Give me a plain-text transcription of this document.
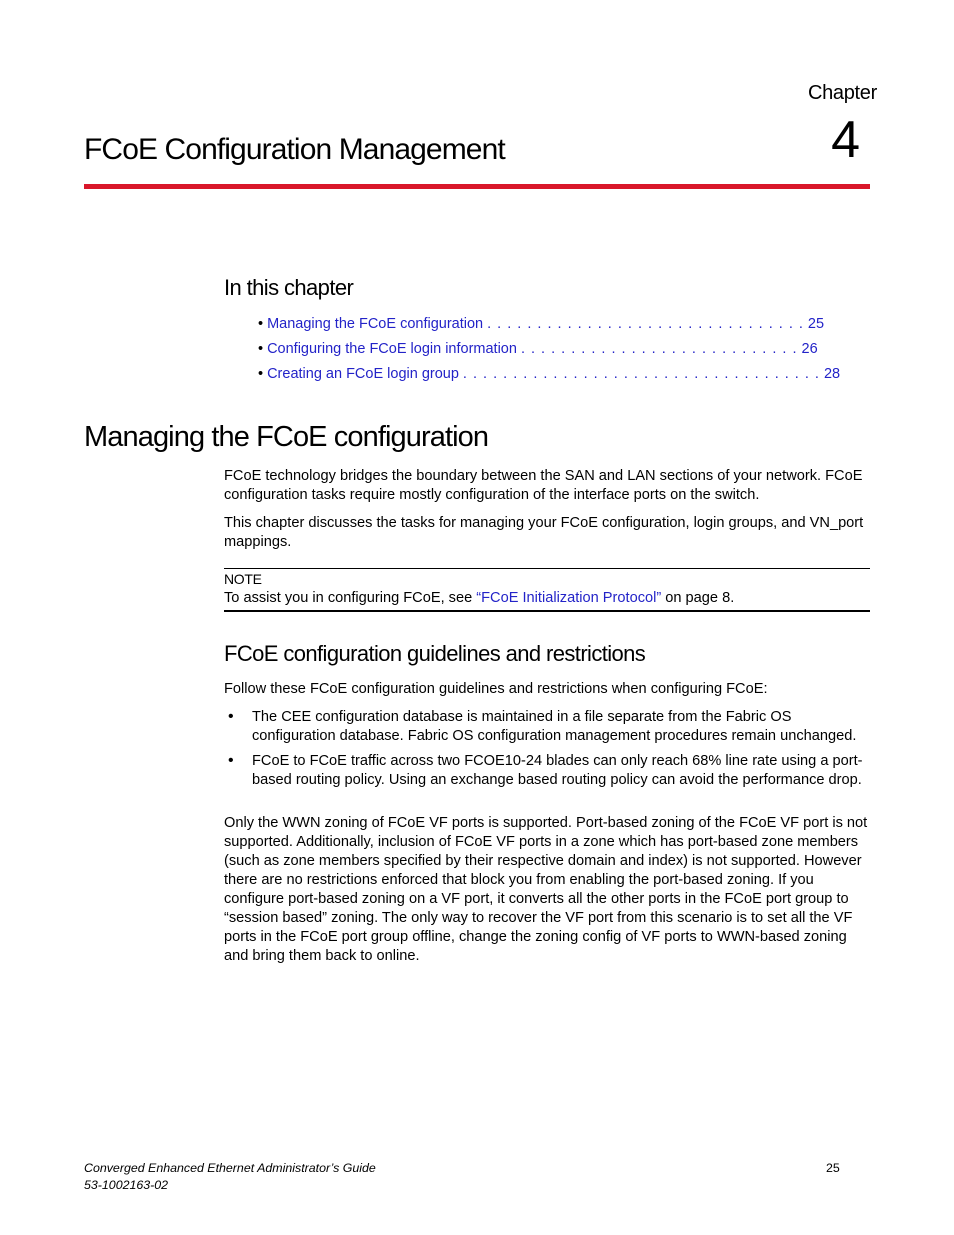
Chapter
4
FCoE Configuration Management
In this chapter
• Managing the FCoE configuration . . . . . . . . . . . . . . . . . . . . . . . . . . . . . . . . 25
• Configuring the FCoE login information . . . . . . . . . . . . . . . . . . . . . . . . . . . . 26
• Creating an FCoE login group . . . . . . . . . . . . . . . . . . . . . . . . . . . . . . . . . . . . 28
Managing the FCoE configuration
FCoE technology bridges the boundary between the SAN and LAN sections of your network. FCoE configuration tasks require mostly configuration of the interface ports on the switch.
This chapter discusses the tasks for managing your FCoE configuration, login groups, and VN_port mappings.
NOTE
To assist you in configuring FCoE, see “FCoE Initialization Protocol” on page 8.
FCoE configuration guidelines and restrictions
Follow these FCoE configuration guidelines and restrictions when configuring FCoE:
• The CEE configuration database is maintained in a file separate from the Fabric OS configuration database. Fabric OS configuration management procedures remain unchanged.
• FCoE to FCoE traffic across two FCOE10-24 blades can only reach 68% line rate using a port-based routing policy. Using an exchange based routing policy can avoid the performance drop.
Only the WWN zoning of FCoE VF ports is supported. Port-based zoning of the FCoE VF port is not supported. Additionally, inclusion of FCoE VF ports in a zone which has port-based zone members (such as zone members specified by their respective domain and index) is not supported. However there are no restrictions enforced that block you from enabling the port-based zoning. If you configure port-based zoning on a VF port, it converts all the other ports in the FCoE port group to “session based” zoning. The only way to recover the VF port from this scenario is to set all the VF ports in the FCoE port group offline, change the zoning config of VF ports to WWN-based zoning and bring them back to online.
Converged Enhanced Ethernet Administrator’s Guide
53-1002163-02
25
